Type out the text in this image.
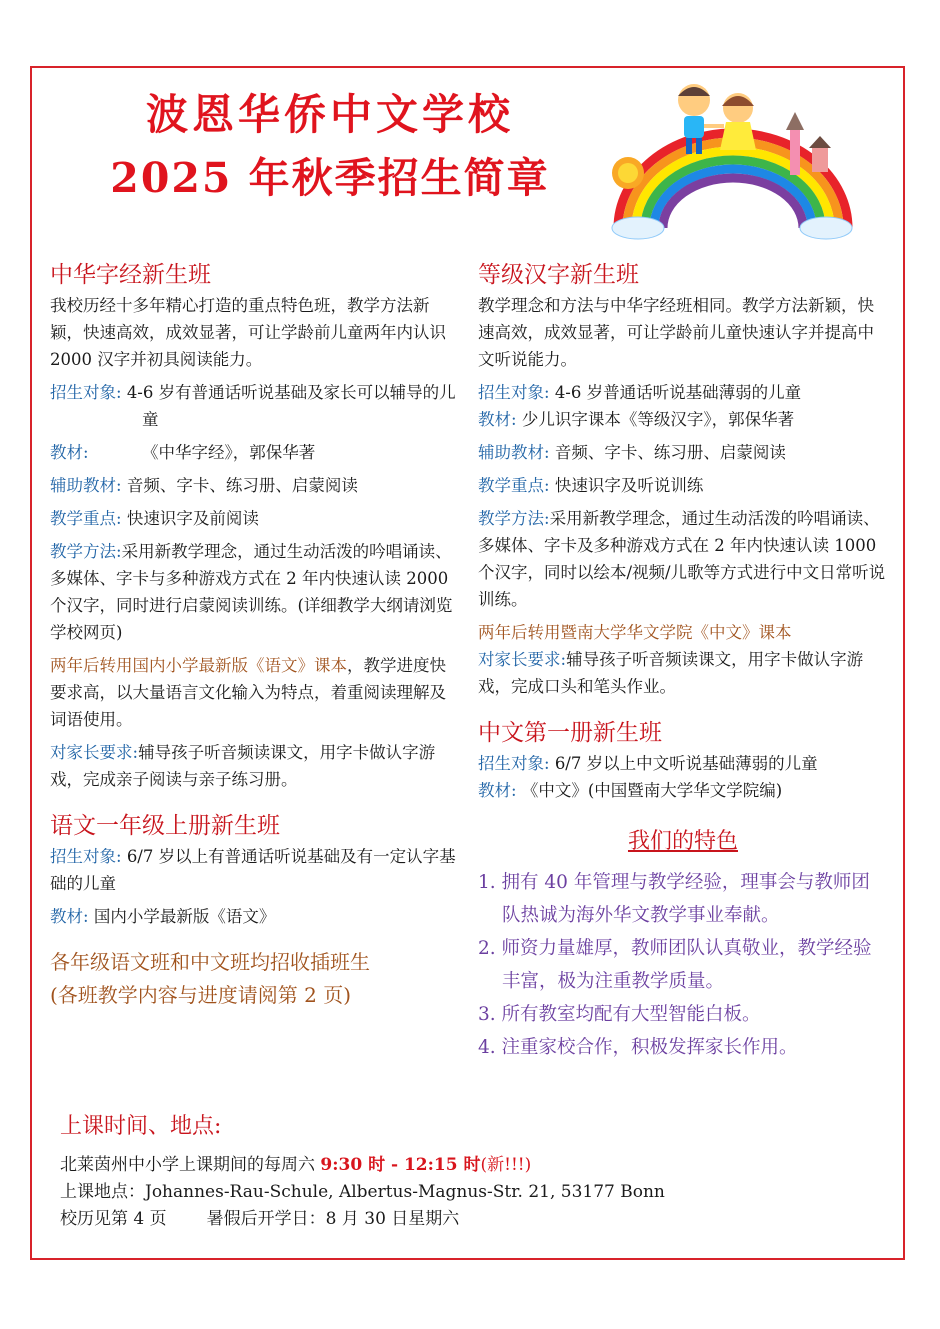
波恩华侨中文学校
2025 年秋季招生简章
中华字经新生班

我校历经十多年精心打造的重点特色班，教学方法新颖，快速高效，成效显著，可让学龄前儿童两年内认识 2000 汉字并初具阅读能力。

招生对象: 4-6 岁有普通话听说基础及家长可以辅导的儿童

教材:	《中华字经》，郭保华著

辅助教材: 音频、字卡、练习册、启蒙阅读

教学重点: 快速识字及前阅读

教学方法:采用新教学理念，通过生动活泼的吟唱诵读、多媒体、字卡与多种游戏方式在 2 年内快速认读 2000 个汉字，同时进行启蒙阅读训练。(详细教学大纲请浏览学校网页)

两年后转用国内小学最新版《语文》课本，教学进度快要求高，以大量语言文化输入为特点，着重阅读理解及词语使用。

对家长要求:辅导孩子听音频读课文，用字卡做认字游戏，完成亲子阅读与亲子练习册。

语文一年级上册新生班

招生对象: 6/7 岁以上有普通话听说基础及有一定认字基础的儿童

教材: 国内小学最新版《语文》

各年级语文班和中文班均招收插班生

(各班教学内容与进度请阅第 2 页)

等级汉字新生班

教学理念和方法与中华字经班相同。教学方法新颖，快速高效，成效显著，可让学龄前儿童快速认字并提高中文听说能力。

招生对象: 4-6 岁普通话听说基础薄弱的儿童

教材: 少儿识字课本《等级汉字》，郭保华著

辅助教材: 音频、字卡、练习册、启蒙阅读

教学重点: 快速识字及听说训练

教学方法:采用新教学理念，通过生动活泼的吟唱诵读、多媒体、字卡及多种游戏方式在 2 年内快速认读 1000 个汉字，同时以绘本/视频/儿歌等方式进行中文日常听说训练。

两年后转用暨南大学华文学院《中文》课本

对家长要求:辅导孩子听音频读课文，用字卡做认字游戏，完成口头和笔头作业。

中文第一册新生班

招生对象: 6/7 岁以上中文听说基础薄弱的儿童

教材: 《中文》(中国暨南大学华文学院编)

我们的特色
1. 拥有 40 年管理与教学经验，理事会与教师团队热诚为海外华文教学事业奉献。
2. 师资力量雄厚，教师团队认真敬业，教学经验丰富，极为注重教学质量。
3. 所有教室均配有大型智能白板。
4. 注重家校合作，积极发挥家长作用。
上课时间、地点:

北莱茵州中小学上课期间的每周六 9:30 时 - 12:15 时(新!!!)

上课地点：Johannes-Rau-Schule, Albertus-Magnus-Str. 21, 53177 Bonn

校历见第 4 页 暑假后开学日：8 月 30 日星期六
